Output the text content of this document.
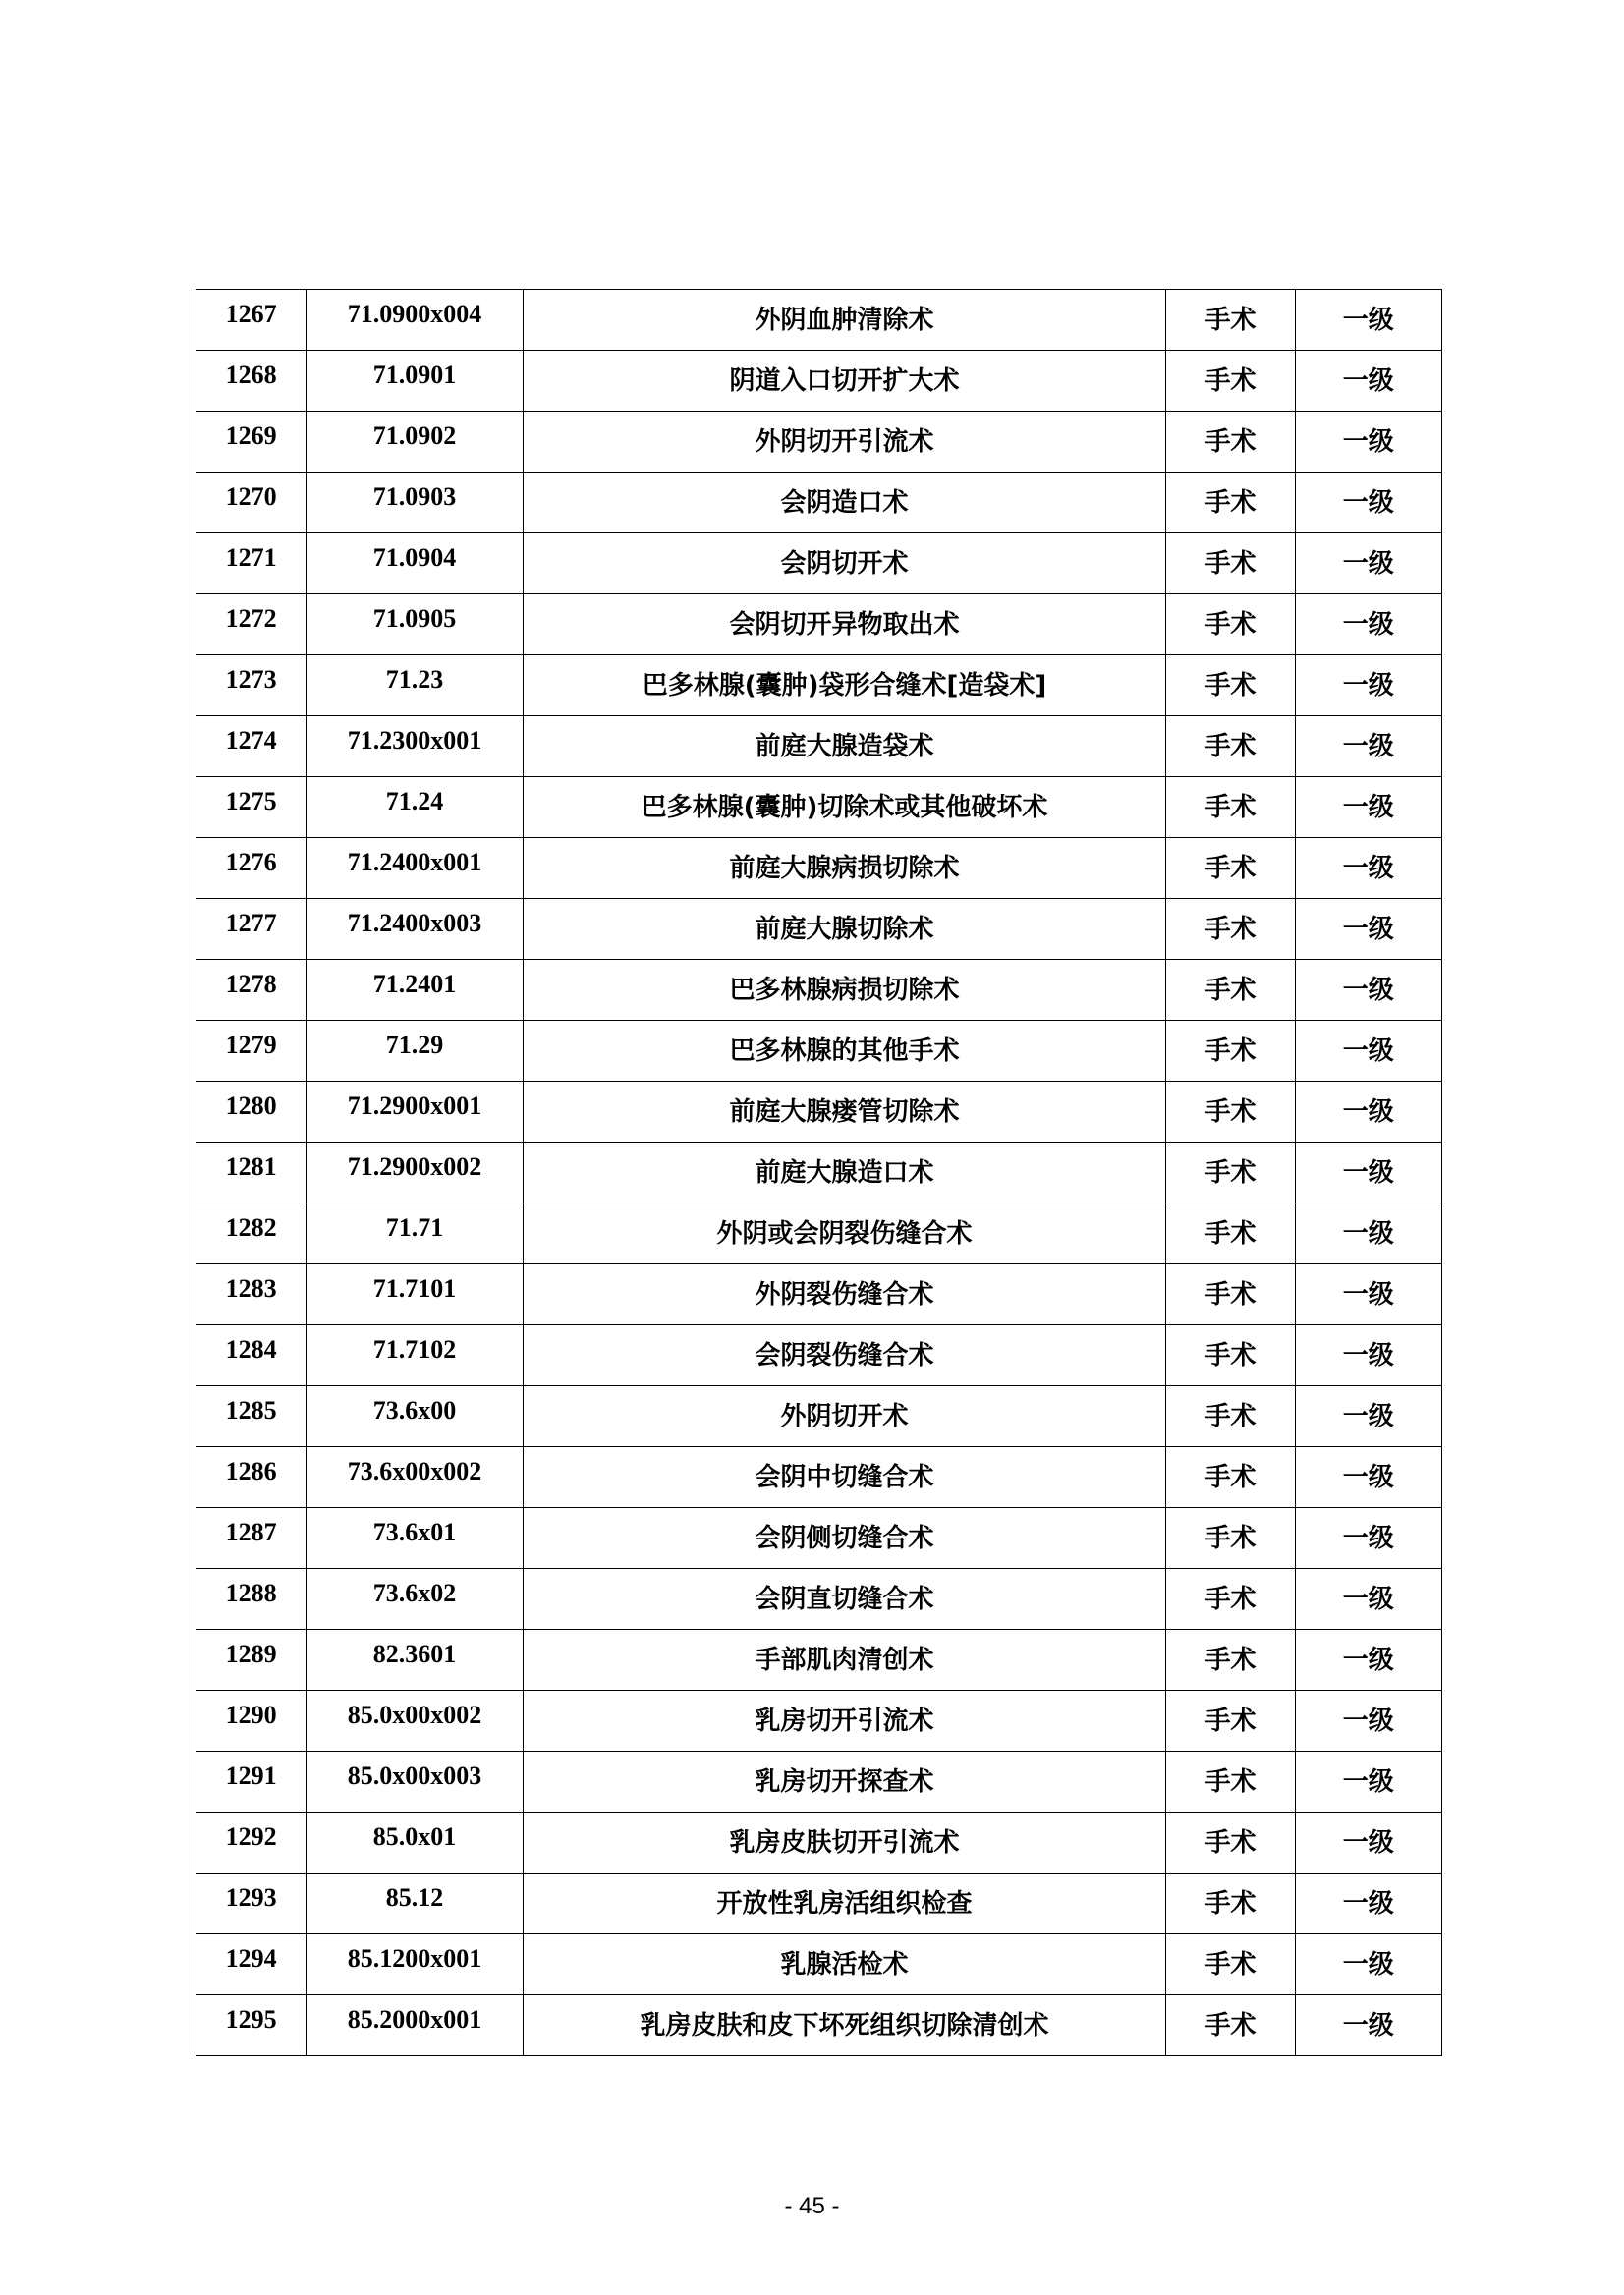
1267	71.0900x004	外阴血肿清除术	手术	一级
1268	71.0901	阴道入口切开扩大术	手术	一级
1269	71.0902	外阴切开引流术	手术	一级
1270	71.0903	会阴造口术	手术	一级
1271	71.0904	会阴切开术	手术	一级
1272	71.0905	会阴切开异物取出术	手术	一级
1273	71.23	巴多林腺(囊肿)袋形合缝术[造袋术]	手术	一级
1274	71.2300x001	前庭大腺造袋术	手术	一级
1275	71.24	巴多林腺(囊肿)切除术或其他破坏术	手术	一级
1276	71.2400x001	前庭大腺病损切除术	手术	一级
1277	71.2400x003	前庭大腺切除术	手术	一级
1278	71.2401	巴多林腺病损切除术	手术	一级
1279	71.29	巴多林腺的其他手术	手术	一级
1280	71.2900x001	前庭大腺瘘管切除术	手术	一级
1281	71.2900x002	前庭大腺造口术	手术	一级
1282	71.71	外阴或会阴裂伤缝合术	手术	一级
1283	71.7101	外阴裂伤缝合术	手术	一级
1284	71.7102	会阴裂伤缝合术	手术	一级
1285	73.6x00	外阴切开术	手术	一级
1286	73.6x00x002	会阴中切缝合术	手术	一级
1287	73.6x01	会阴侧切缝合术	手术	一级
1288	73.6x02	会阴直切缝合术	手术	一级
1289	82.3601	手部肌肉清创术	手术	一级
1290	85.0x00x002	乳房切开引流术	手术	一级
1291	85.0x00x003	乳房切开探查术	手术	一级
1292	85.0x01	乳房皮肤切开引流术	手术	一级
1293	85.12	开放性乳房活组织检查	手术	一级
1294	85.1200x001	乳腺活检术	手术	一级
1295	85.2000x001	乳房皮肤和皮下坏死组织切除清创术	手术	一级
- 45 -
